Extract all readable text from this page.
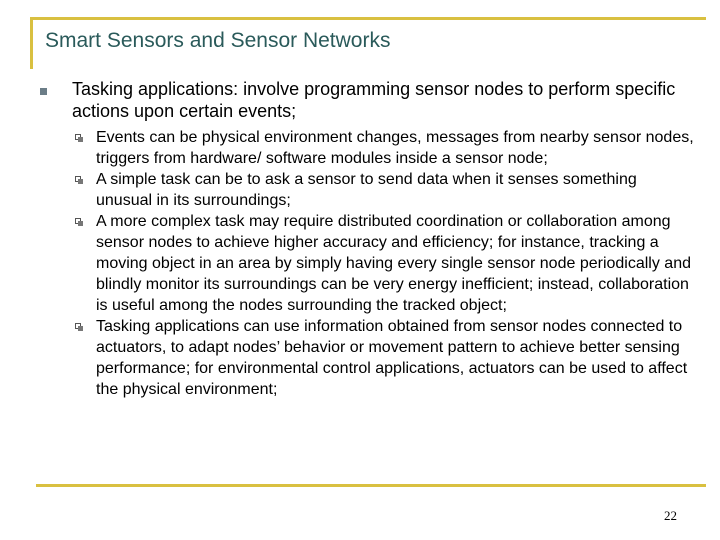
Smart Sensors and Sensor Networks
Tasking applications: involve programming sensor nodes to perform specific actions upon certain events;
Events can be physical environment changes, messages from nearby sensor nodes, triggers from hardware/ software modules inside a sensor node;
A simple task can be to ask a sensor to send data when it senses something unusual in its surroundings;
A more complex task may require distributed coordination or collaboration among sensor nodes to achieve higher accuracy and efficiency; for instance, tracking a moving object in an area by simply having every single sensor node periodically and blindly monitor its surroundings can be very energy inefficient; instead, collaboration is useful among the nodes surrounding the tracked object;
Tasking applications can use information obtained from sensor nodes connected to actuators, to adapt nodes’ behavior or movement pattern to achieve better sensing performance; for environmental control applications, actuators can be used to affect the physical environment;
22
